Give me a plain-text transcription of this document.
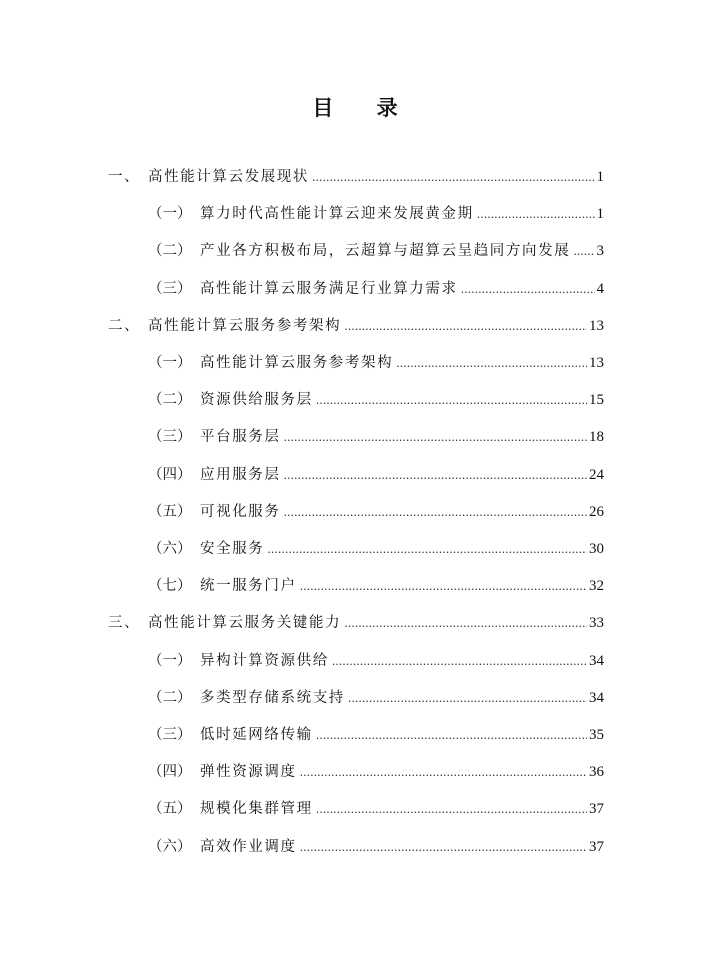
目 录
一、 高性能计算云发展现状 .....	1
（一） 算力时代高性能计算云迎来发展黄金期 .....	1
（二） 产业各方积极布局，云超算与超算云呈趋同方向发展 ..... 3
（三） 高性能计算云服务满足行业算力需求 .....	4
二、 高性能计算云服务参考架构 .....	13
（一） 高性能计算云服务参考架构 .....	13
（二） 资源供给服务层 .....	15
（三） 平台服务层 .....	18
（四） 应用服务层 .....	24
（五） 可视化服务 .....	26
（六） 安全服务 .....	30
（七） 统一服务门户 .....	32
三、 高性能计算云服务关键能力 .....	33
（一） 异构计算资源供给 .....	34
（二） 多类型存储系统支持 .....	34
（三） 低时延网络传输 .....	35
（四） 弹性资源调度 .....	36
（五） 规模化集群管理 .....	37
（六） 高效作业调度 .....	37
